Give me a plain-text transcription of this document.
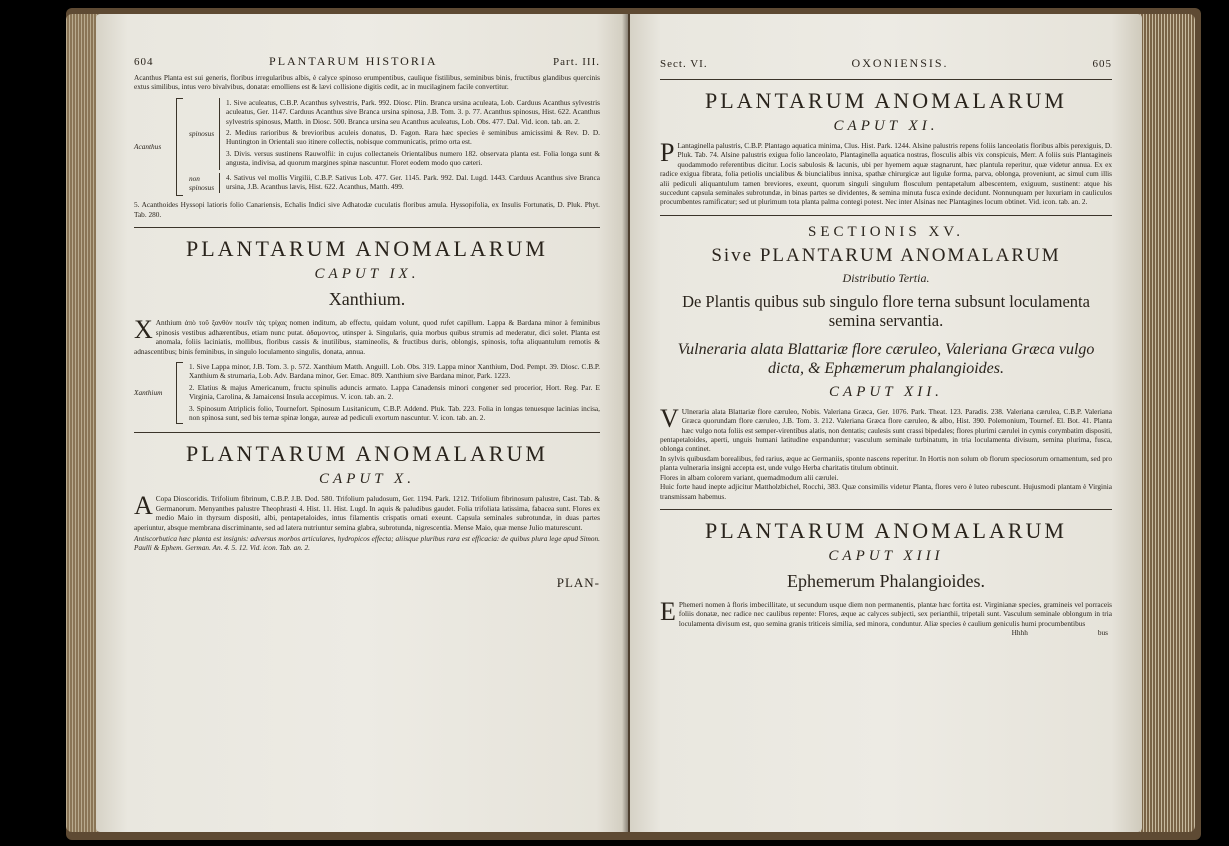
604	PLANTARUM HISTORIA	Part. III.

Acanthus Planta est sui generis, floribus irregularibus albis, è calyce spinoso erumpentibus, caulique fistilibus, seminibus binis, fructibus glandibus quercinis extus similibus, intus vero bivalvibus, donatæ: emolliens est & lævi collisione digitis cedit, ac in mucilaginem facile convertitur.

Acanthus
spinosus

1. Sive aculeatus, C.B.P. Acanthus sylvestris, Park. 992. Diosc. Plin. Branca ursina aculeata, Lob. Carduus Acanthus sylvestris aculeatus, Ger. 1147. Carduus Acanthus sive Branca ursina spinosa, J.B. Tom. 3. p. 77. Acanthus spinosus, Hist. 622. Acanthus sylvestris spinosus, Matth. in Diosc. 500. Branca ursina seu Acanthus aculeatus, Lob. Obs. 477. Dal. Vid. icon. tab. an. 2.

2. Medius rarioribus & brevioribus aculeis donatus, D. Fagon. Rara hæc species è seminibus amicissimi & Rev. D. D. Huntington in Orientali suo itinere collectis, nobisque communicatis, primo orta est.

3. Divis. versus sustinens Rauwolfii: in cujus collectaneis Orientalibus numero 182. observata planta est. Folia longa sunt & angusta, indivisa, ad quorum margines spinæ nascuntur. Floret eodem modo quo cæteri.

non spinosus

4. Sativus vel mollis Virgilii, C.B.P. Sativus Lob. 477. Ger. 1145. Park. 992. Dal. Lugd. 1443. Carduus Acanthus sive Branca ursina, J.B. Acanthus lævis, Hist. 622. Acanthus, Matth. 499.

5. Acanthoides Hyssopi latioris folio Canariensis, Echalis Indici sive Adhatodæ cuculatis floribus amula. Hyssopifolia, ex Insulis Fortunatis, D. Pluk. Phyt. Tab. 280.

PLANTARUM ANOMALARUM
CAPUT IX.
Xanthium.
X Anthium ἀπὸ τοῦ ξανθὸν ποιεῖν τὰς τρίχας nomen inditum, ab effectu, quidam volunt, quod rufet capillum. Lappa & Bardana minor à feminibus spinosis vestibus adhærentibus, etiam nunc putat. ἀδαμοντος, utinsper à. Singularis, quia morbus quibus strumis ad mederatur, dici solet. Planta est anomala, foliis laciniatis, mollibus, floribus cassis & inutilibus, stamineolis, & fructibus duris, oblongis, spinosis, tofta aliquantulum remotis & adnascentibus; binis feminibus, in singulo loculamento singulis, donata, annua.

Xanthium

1. Sive Lappa minor, J.B. Tom. 3. p. 572. Xanthium Matth. Anguill. Lob. Obs. 319. Lappa minor Xanthium, Dod. Pempt. 39. Diosc. C.B.P. Xanthium & strumaria, Lob. Adv. Bardana minor, Ger. Emac. 809. Xanthium sive Bardana minor, Park. 1223.

2. Elatius & majus Americanum, fructu spinulis aduncis armato. Lappa Canadensis minori congener sed procerior, Hort. Reg. Par. E Virginia, Carolina, & Jamaicensi Insula accepimus. V. icon. tab. an. 2.

3. Spinosum Atriplicis folio, Tournefort. Spinosum Lusitanicum, C.B.P. Addend. Pluk. Tab. 223. Folia in longas tenuesque lacinias incisa, non spinosa sunt, sed bis ternæ spinæ longæ, aureæ ad pediculi exortum nascuntur. V. icon. tab. an. 2.

PLANTARUM ANOMALARUM
CAPUT X.
A Copa Dioscoridis. Trifolium fibrinum, C.B.P. J.B. Dod. 580. Trifolium paludosum, Ger. 1194. Park. 1212. Trifolium fibrinosum palustre, Cast. Tab. & Germanorum. Menyanthes palustre Theophrasti 4. Hist. 11. Hist. Lugd. In aquis & paludibus gaudet. Folia trifoliata latissima, fabacea sunt. Flores ex medio Maio in thyrsum dispositi, albi, pentapetaloides, intus filamentis crispatis ornati exeunt. Capsula seminales subrotundæ, in duas partes aperiuntur, absque membrana discriminante, sed ad latera nutriuntur semina glabra, subrotunda, nigrescentia. Mense Maio, quæ mense Julio maturescunt.

Antiscorbutica hæc planta est insignis: adversus morbos articulares, hydropicos effecta; aliisque pluribus rara est efficacia: de quibus plura lege apud Simon. Paulli & Ephem. German. An. 4. 5. 12. Vid. icon. Tab. an. 2.

PLAN-
Sect. VI.	OXONIENSIS.	605
PLANTARUM ANOMALARUM
CAPUT XI.
P Lantaginella palustris, C.B.P. Plantago aquatica minima, Clus. Hist. Park. 1244. Alsine palustris repens foliis lanceolatis floribus albis perexiguis, D. Pluk. Tab. 74. Alsine palustris exigua folio lanceolato, Plantaginella aquatica nostras, flosculis albis vix conspicuis, Merr. A foliis suis Plantagineis quodammodo referentibus dicitur. Locis sabulosis & lacunis, ubi per hyemem aquæ stagnarunt, hæc plantula reperitur, quæ videtur annua. Ex ex radice exigua fibrata, folia petiolis uncialibus & biuncialibus innixa, spathæ chirurgicæ aut ligulæ forma, parva, oblonga, proveniunt, ac simul cum illis alii pediculi aliquantulum tamen breviores, exeunt, quorum singuli singulum flosculum pentapetalum albescentem, exiguum, sustinent: atque his succedunt capsula seminales subrotundæ, in binas partes se dividentes, & semina minuta fusca exinde decidunt. Nonnunquam per luxuriam in cauliculos procumbentes ramificatur; sed ut plurimum tota planta palma contegi potest. Nec inter Alsinas nec Plantagines locum obtinet. Vid. icon. tab. an. 2.

SECTIONIS XV.
Sive PLANTARUM ANOMALARUM
Distributio Tertia.
De Plantis quibus sub singulo flore terna subsunt loculamenta semina servantia.
Vulneraria alata Blattariæ flore cæruleo, Valeriana Græca vulgo dicta, & Ephæmerum phalangioides.
CAPUT XII.
V Ulneraria alata Blattariæ flore cæruleo, Nobis. Valeriana Græca, Ger. 1076. Park. Theat. 123. Paradis. 238. Valeriana cærulea, C.B.P. Valeriana Græca quorundam flore cæruleo, J.B. Tom. 3. 212. Valeriana Græca flore cæruleo, & albo, Hist. 390. Polemonium, Tournef. El. Bot. 41. Planta hæc vulgo nota foliis est semper-virentibus alatis, non dentatis; caulesis sunt crassi bipedales; flores plurimi cærulei in cymis corymbatim dispositi, pentapetaloides, aperti, unguis humani latitudine expanduntur; vasculum seminale turbinatum, in tria loculamenta divisum, semina plurima, fusca, oblonga continet.

In sylvis quibusdam borealibus, fed rarius, æque ac Germaniis, sponte nascens reperitur. In Hortis non solum ob florum speciosorum ornamentum, sed pro planta vulneraria insigni accepta est, unde vulgo Herba charitatis titulum obtinuit.

Flores in albam colorem variant, quemadmodum alii cærulei.

Huic forte haud inepte adjicitur Mattholzbichel, Rocchi, 383. Quæ consimilis videtur Planta, flores vero è luteo rubescunt. Hujusmodi plantam è Virginia transmissam habemus.

PLANTARUM ANOMALARUM
CAPUT XIII
Ephemerum Phalangioides.
E Phemeri nomen à floris imbecillitate, ut secundum usque diem non permanentis, plantæ hæc fortita est. Virginianæ species, gramineis vel porraceis foliis donatæ, nec radice nec caulibus repente: Flores, æque ac calyces subjecti, sex perianthii, tripetali sunt. Vasculum seminale oblongum in tria loculamenta divisum est, quo semina granis triticeis similia, sed minora, conduntur. Aliæ species è caulium geniculis humi procumbentibus

Hhhh	bus
